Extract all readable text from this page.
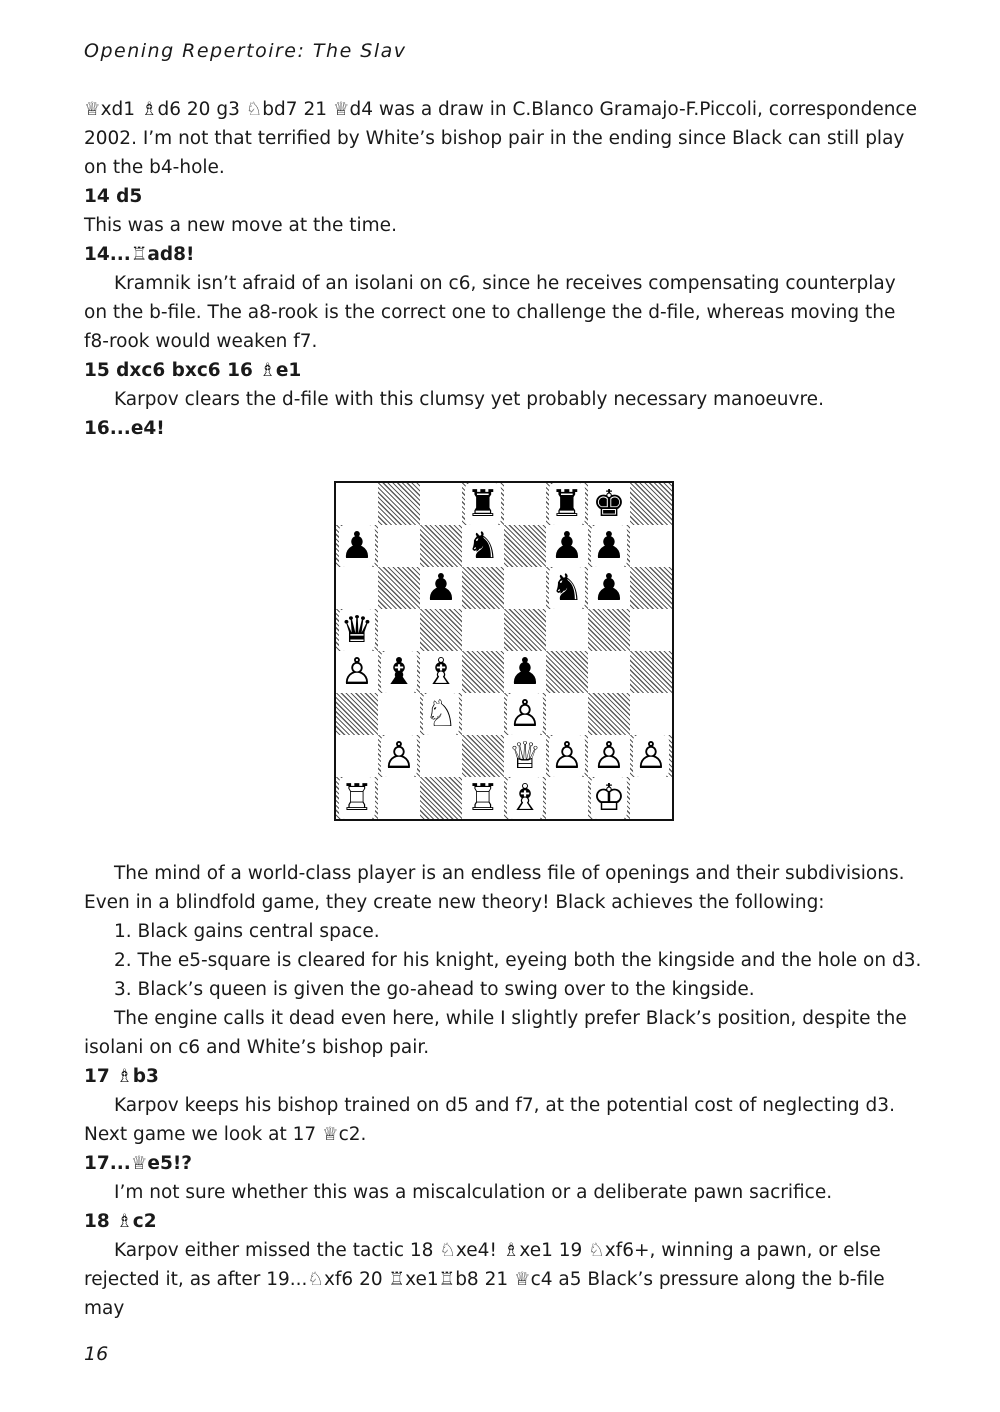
Opening Repertoire: The Slav

♕xd1 ♗d6 20 g3 ♘bd7 21 ♕d4 was a draw in C.Blanco Gramajo-F.Piccoli, correspondence 2002. I’m not that terrified by White’s bishop pair in the ending since Black can still play on the b4-hole.

14 d5

This was a new move at the time.

14...♖ad8!

Kramnik isn’t afraid of an isolani on c6, since he receives compensating counterplay on the b-file. The a8-rook is the correct one to challenge the d-file, whereas moving the f8-rook would weaken f7.

15 dxc6 bxc6 16 ♗e1

Karpov clears the d-file with this clumsy yet probably necessary manoeuvre.

16...e4!

♜ ♜ ♚
♟	♞ ♟ ♟
♟	♞ ♟
♛
♙ ♝ ♗ ♟
♘ ♙
♙	♕ ♙ ♙ ♙
♖	♖ ♗ ♔

The mind of a world-class player is an endless file of openings and their subdivisions. Even in a blindfold game, they create new theory! Black achieves the following:

1. Black gains central space.

2. The e5-square is cleared for his knight, eyeing both the kingside and the hole on d3.

3. Black’s queen is given the go-ahead to swing over to the kingside.

The engine calls it dead even here, while I slightly prefer Black’s position, despite the isolani on c6 and White’s bishop pair.

17 ♗b3

Karpov keeps his bishop trained on d5 and f7, at the potential cost of neglecting d3. Next game we look at 17 ♕c2.

17...♕e5!?

I’m not sure whether this was a miscalculation or a deliberate pawn sacrifice.

18 ♗c2

Karpov either missed the tactic 18 ♘xe4! ♗xe1 19 ♘xf6+, winning a pawn, or else rejected it, as after 19...♘xf6 20 ♖xe1♖b8 21 ♕c4 a5 Black’s pressure along the b-file may

16
